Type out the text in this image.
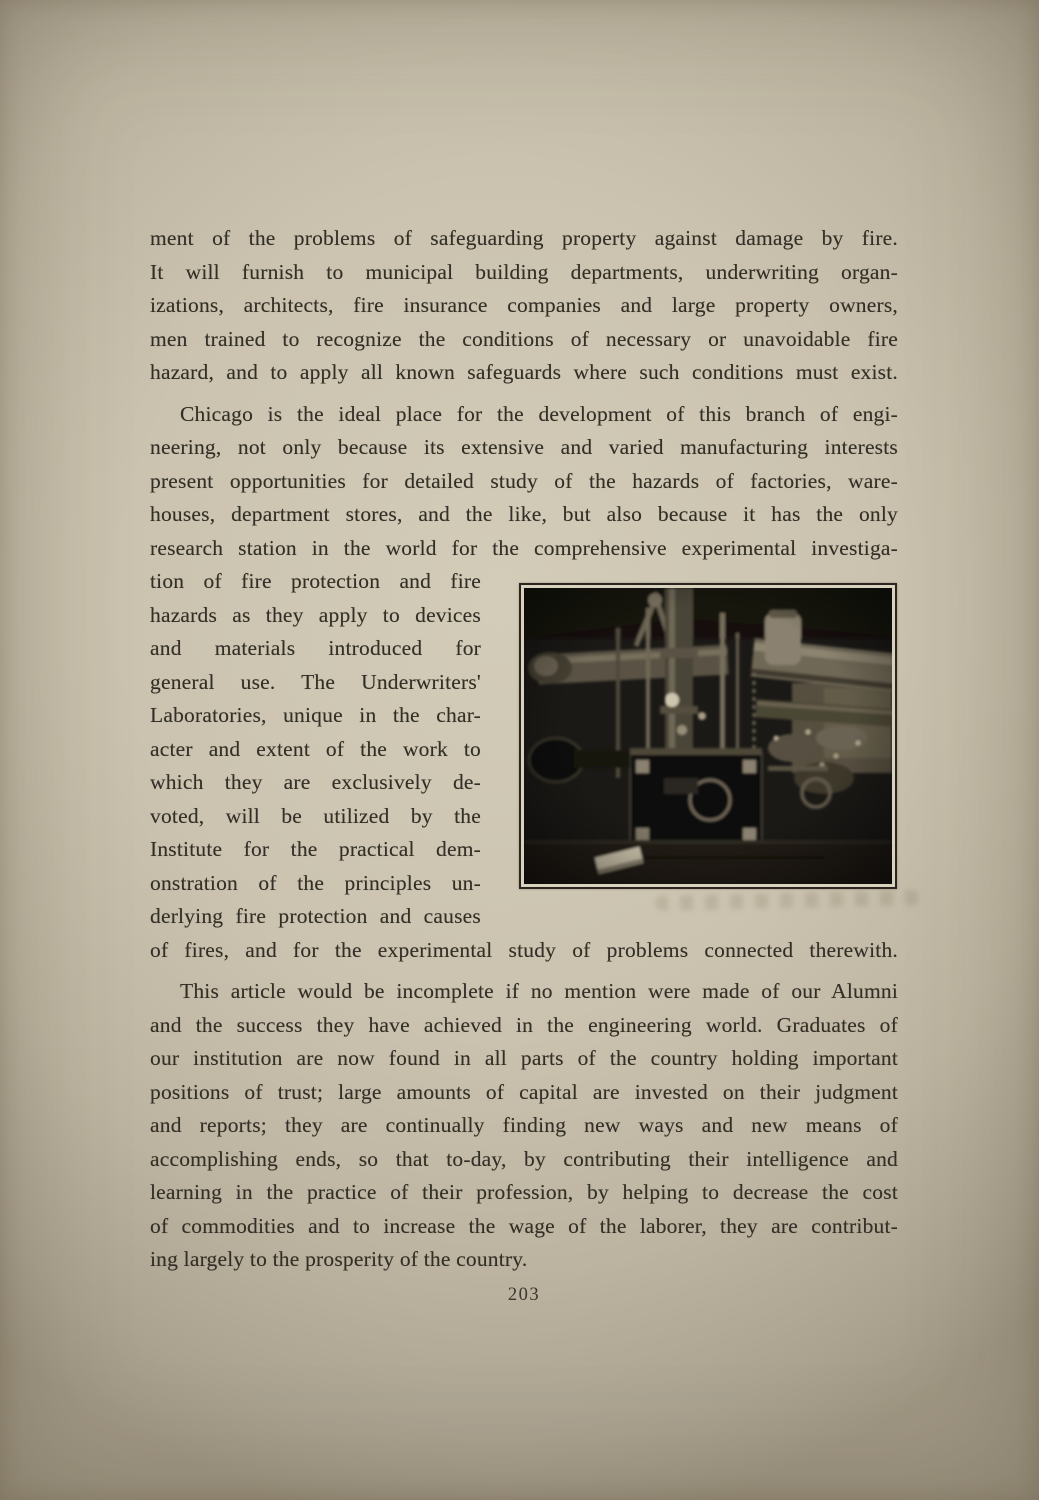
ment of the problems of safeguarding property against damage by fire.
It will furnish to municipal building departments, underwriting organ-
izations, architects, fire insurance companies and large property owners,
men trained to recognize the conditions of necessary or unavoidable fire
hazard, and to apply all known safeguards where such conditions must exist.
Chicago is the ideal place for the development of this branch of engi-
neering, not only because its extensive and varied manufacturing interests
present opportunities for detailed study of the hazards of factories, ware-
houses, department stores, and the like, but also because it has the only
research station in the world for the comprehensive experimental investiga-
tion of fire protection and fire
hazards as they apply to devices
and materials introduced for
general use. The Underwriters'
Laboratories, unique in the char-
acter and extent of the work to
which they are exclusively de-
voted, will be utilized by the
Institute for the practical dem-
onstration of the principles un-
derlying fire protection and causes
of fires, and for the experimental study of problems connected therewith.
This article would be incomplete if no mention were made of our Alumni
and the success they have achieved in the engineering world. Graduates of
our institution are now found in all parts of the country holding important
positions of trust; large amounts of capital are invested on their judgment
and reports; they are continually finding new ways and new means of
accomplishing ends, so that to-day, by contributing their intelligence and
learning in the practice of their profession, by helping to decrease the cost
of commodities and to increase the wage of the laborer, they are contribut-
ing largely to the prosperity of the country.
203
